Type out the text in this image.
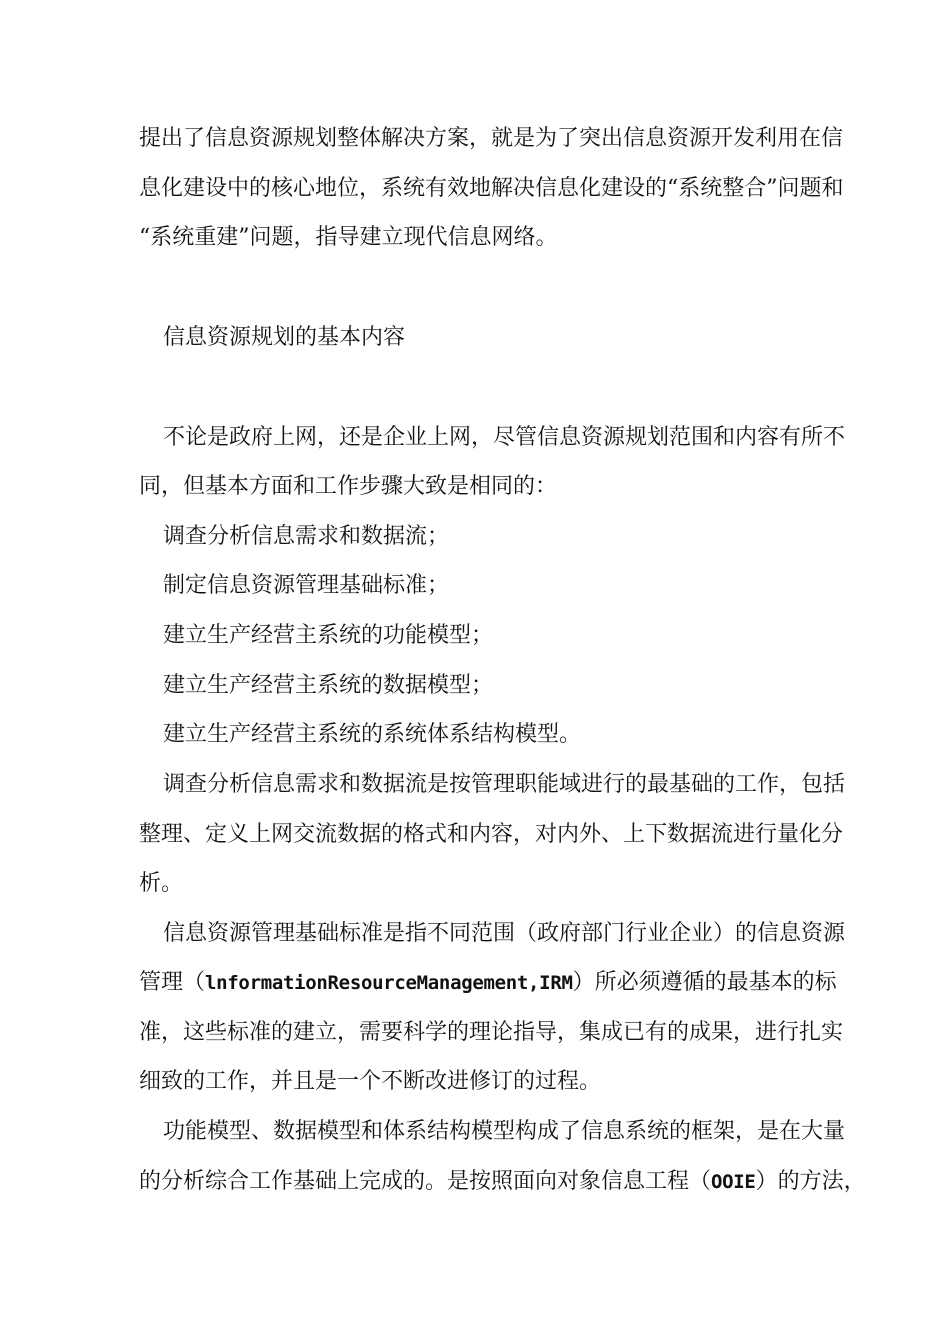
提出了信息资源规划整体解决方案，就是为了突出信息资源开发利用在信
息化建设中的核心地位，系统有效地解决信息化建设的“系统整合”问题和
“系统重建”问题，指导建立现代信息网络。
信息资源规划的基本内容
不论是政府上网，还是企业上网，尽管信息资源规划范围和内容有所不
同，但基本方面和工作步骤大致是相同的：
调查分析信息需求和数据流；
制定信息资源管理基础标准；
建立生产经营主系统的功能模型；
建立生产经营主系统的数据模型；
建立生产经营主系统的系统体系结构模型。
调查分析信息需求和数据流是按管理职能域进行的最基础的工作，包括
整理、定义上网交流数据的格式和内容，对内外、上下数据流进行量化分
析。
信息资源管理基础标准是指不同范围（政府部门行业企业）的信息资源
管理（lnformationResourceManagement,IRM）所必须遵循的最基本的标
准，这些标准的建立，需要科学的理论指导，集成已有的成果，进行扎实
细致的工作，并且是一个不断改进修订的过程。
功能模型、数据模型和体系结构模型构成了信息系统的框架，是在大量
的分析综合工作基础上完成的。是按照面向对象信息工程（OOIE）的方法，
